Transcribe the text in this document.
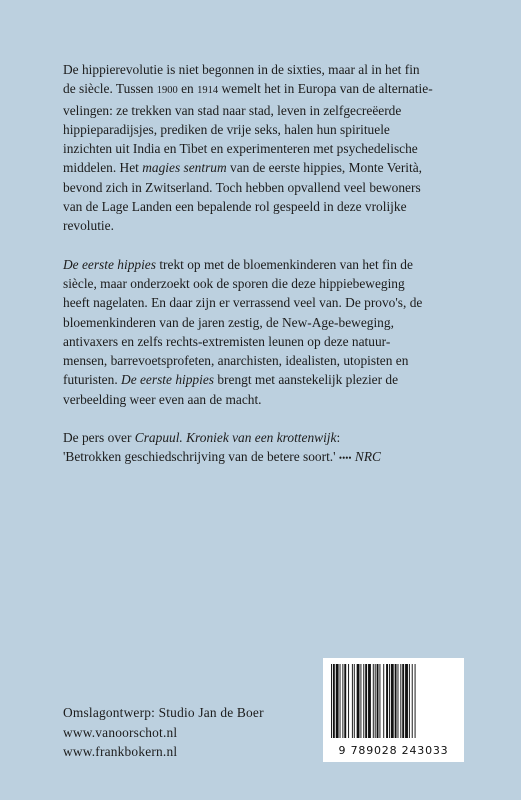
De hippierevolutie is niet begonnen in de sixties, maar al in het fin
de siècle. Tussen 1900 en 1914 wemelt het in Europa van de alternatie-
velingen: ze trekken van stad naar stad, leven in zelfgecreëerde
hippieparadijsjes, prediken de vrije seks, halen hun spirituele
inzichten uit India en Tibet en experimenteren met psychedelische
middelen. Het magies sentrum van de eerste hippies, Monte Verità,
bevond zich in Zwitserland. Toch hebben opvallend veel bewoners
van de Lage Landen een bepalende rol gespeeld in deze vrolijke
revolutie.

De eerste hippies trekt op met de bloemenkinderen van het fin de
siècle, maar onderzoekt ook de sporen die deze hippiebeweging
heeft nagelaten. En daar zijn er verrassend veel van. De provo's, de
bloemenkinderen van de jaren zestig, de New-Age-beweging,
antivaxers en zelfs rechts-extremisten leunen op deze natuur-
mensen, barrevoetsprofeten, anarchisten, idealisten, utopisten en
futuristen. De eerste hippies brengt met aanstekelijk plezier de
verbeelding weer even aan de macht.

De pers over Crapuul. Kroniek van een krottenwijk:
'Betrokken geschiedschrijving van de betere soort.' •••• NRC

Omslagontwerp: Studio Jan de Boer
www.vanoorschot.nl
www.frankbokern.nl	9 789028 243033
